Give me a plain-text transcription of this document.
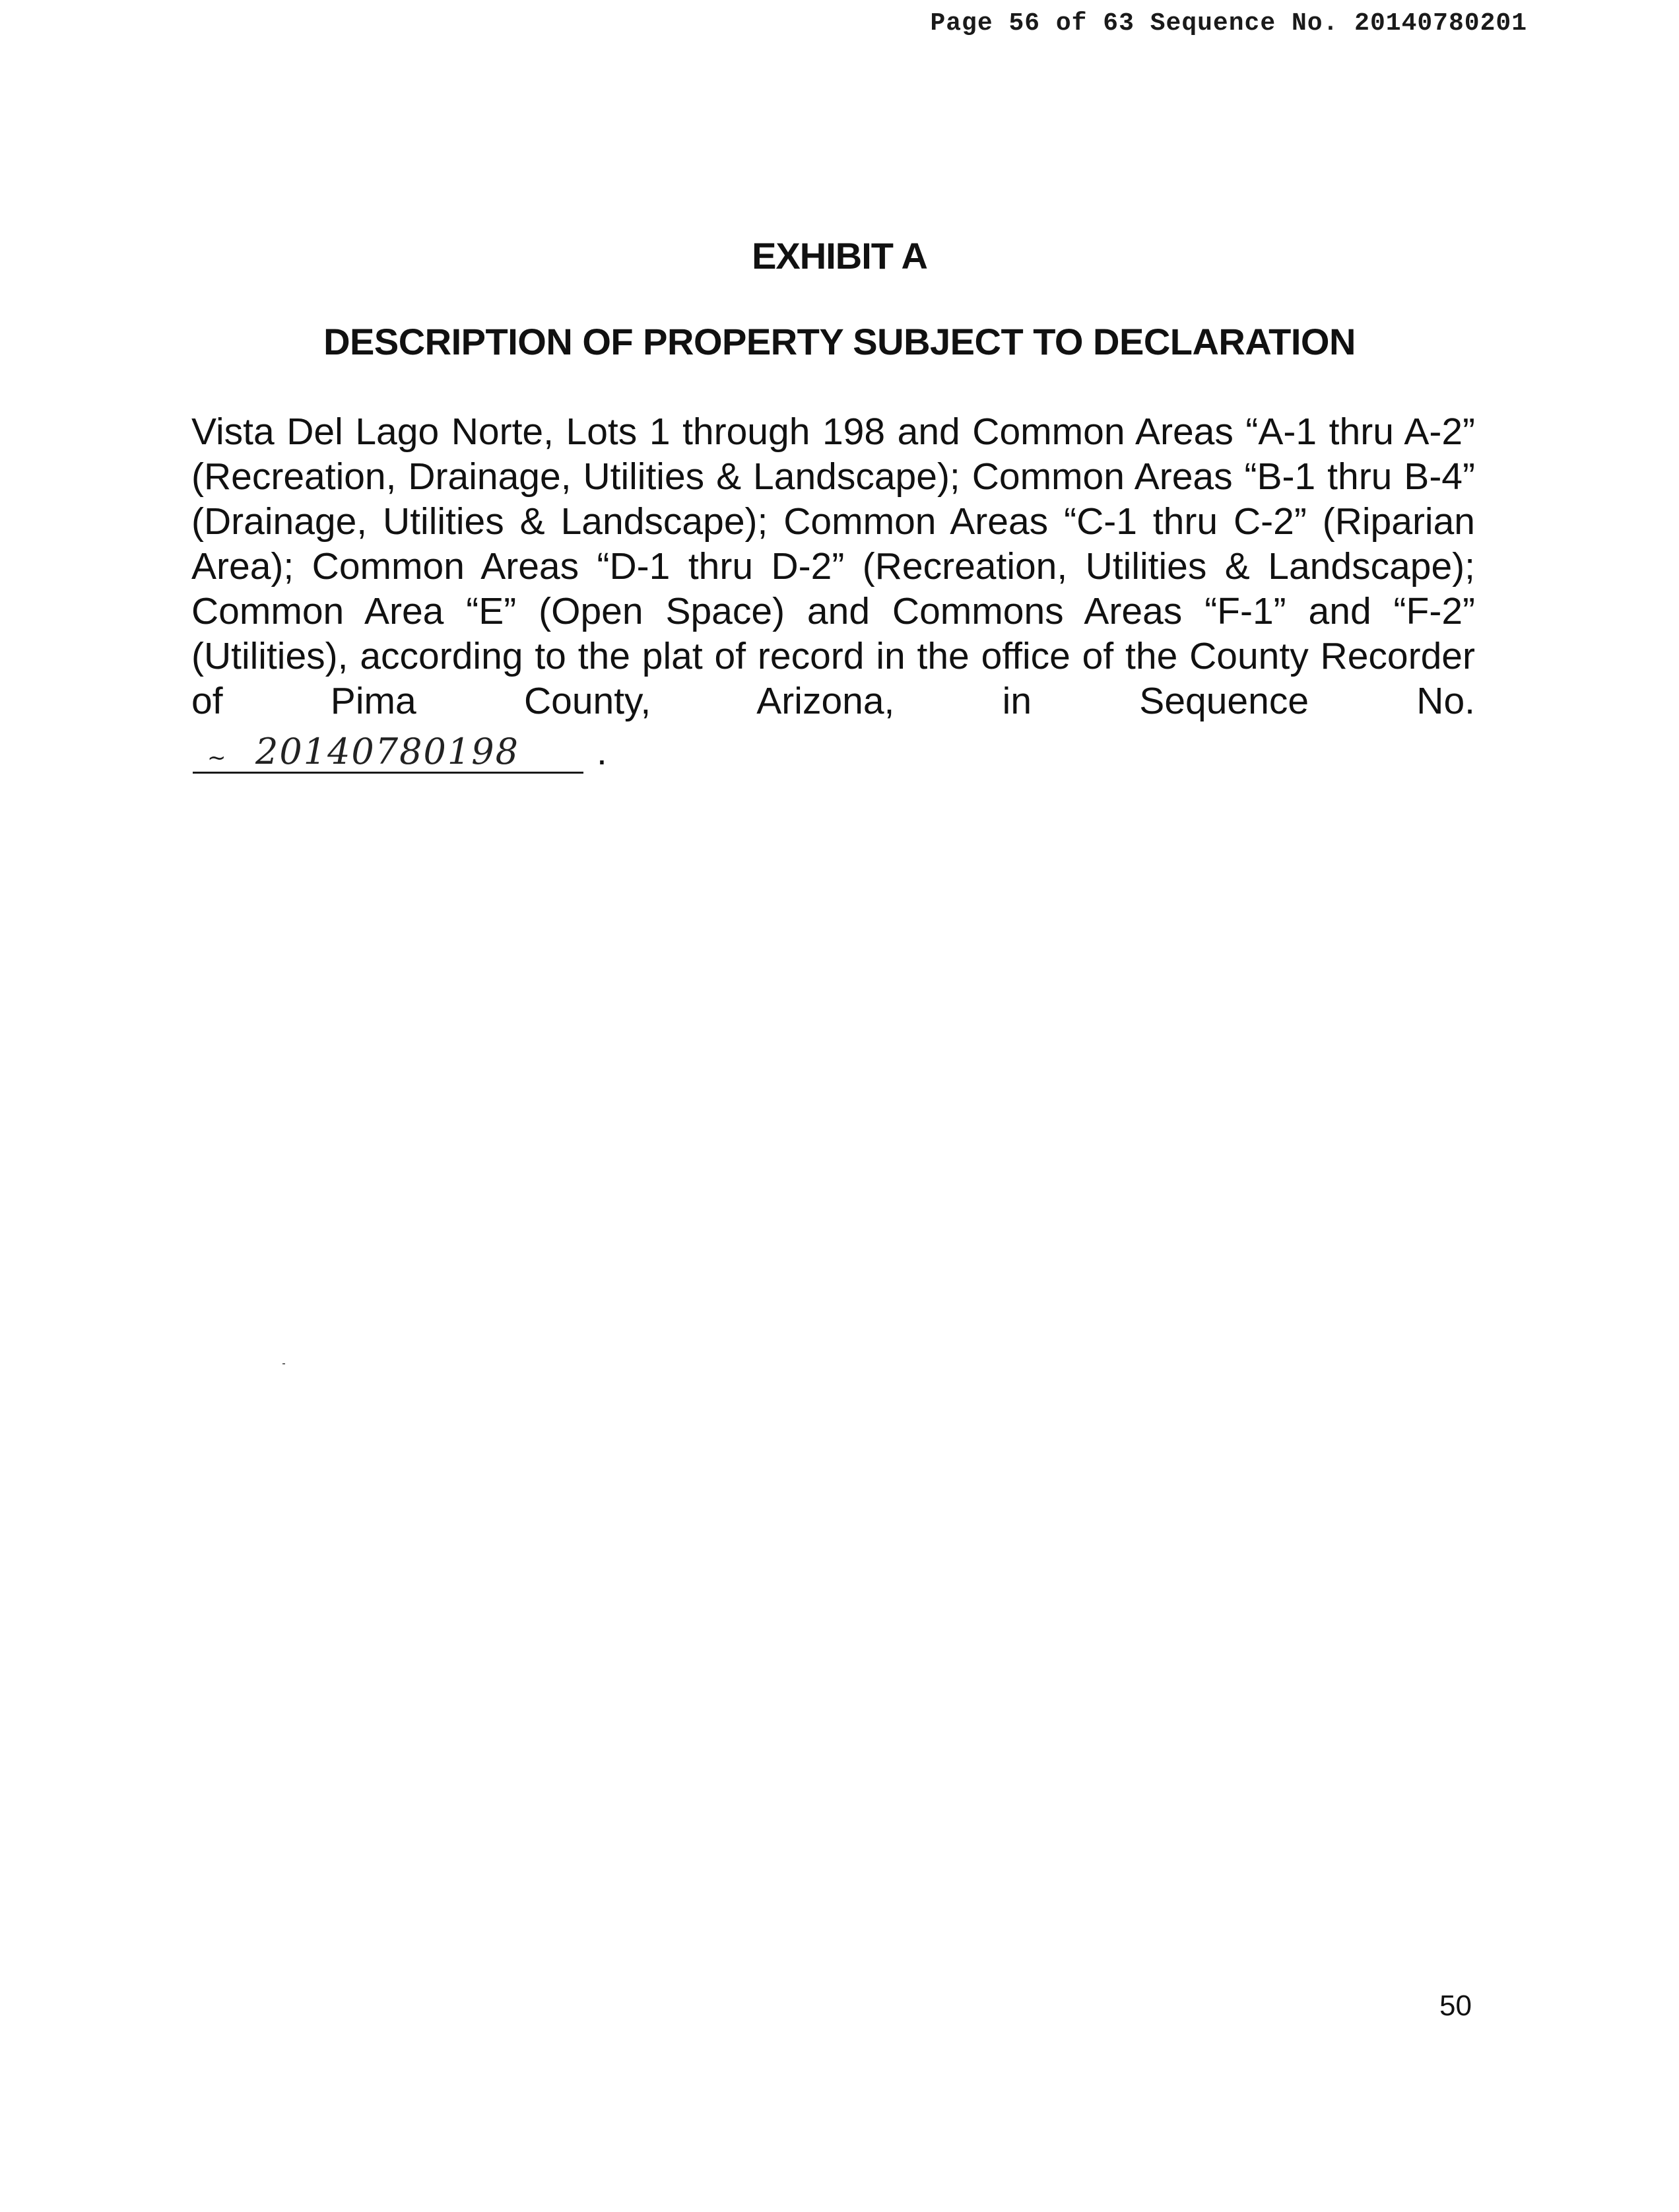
Page 56 of 63 Sequence No. 20140780201
EXHIBIT A
DESCRIPTION OF PROPERTY SUBJECT TO DECLARATION

Vista Del Lago Norte, Lots 1 through 198 and Common Areas “A-1 thru A-2” (Recreation, Drainage, Utilities & Landscape); Common Areas “B-1 thru B-4” (Drainage, Utilities & Landscape); Common Areas “C-1 thru C-2” (Riparian Area); Common Areas “D-1 thru D-2” (Recreation, Utilities & Landscape); Common Area “E” (Open Space) and Commons Areas “F-1” and “F-2” (Utilities), according to the plat of record in the office of the County Recorder of Pima County, Arizona, in Sequence No.

~ 20140780198 .
50
